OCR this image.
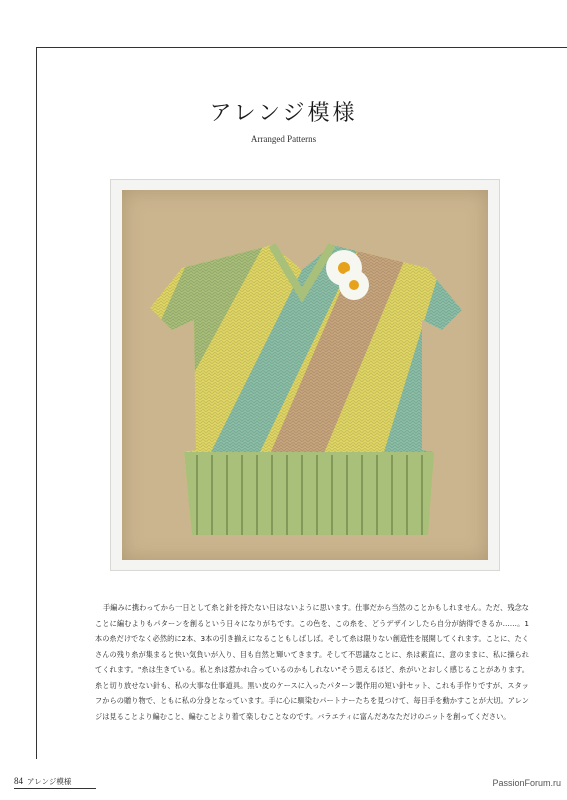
アレンジ模様
Arranged Patterns
手編みに携わってから一日として糸と針を持たない日はないように思います。仕事だから当然のことかもしれません。ただ、残念なことに編むよりもパターンを創るという日々になりがちです。この色を、この糸を、どうデザインしたら自分が納得できるか……。1本の糸だけでなく必然的に2本、3本の引き揃えになることもしばしば。そして糸は限りない創造性を展開してくれます。ことに、たくさんの残り糸が集まると快い気負いが入り、目も自然と輝いてきます。そして不思議なことに、糸は素直に、意のままに、私に操られてくれます。"糸は生きている。私と糸は惹かれ合っているのかもしれない"そう思えるほど、糸がいとおしく感じることがあります。糸と切り放せない針も、私の大事な仕事道具。黒い皮のケースに入ったパターン製作用の短い針セット、これも手作りですが、スタッフからの贈り物で、ともに私の分身となっています。手に心に馴染むパートナーたちを見つけて、毎日手を動かすことが大切。アレンジは見ることより編むこと、編むことより着て楽しむことなのです。バラエティに富んだあなただけのニットを創ってください。
84 アレンジ模様	PassionForum.ru
